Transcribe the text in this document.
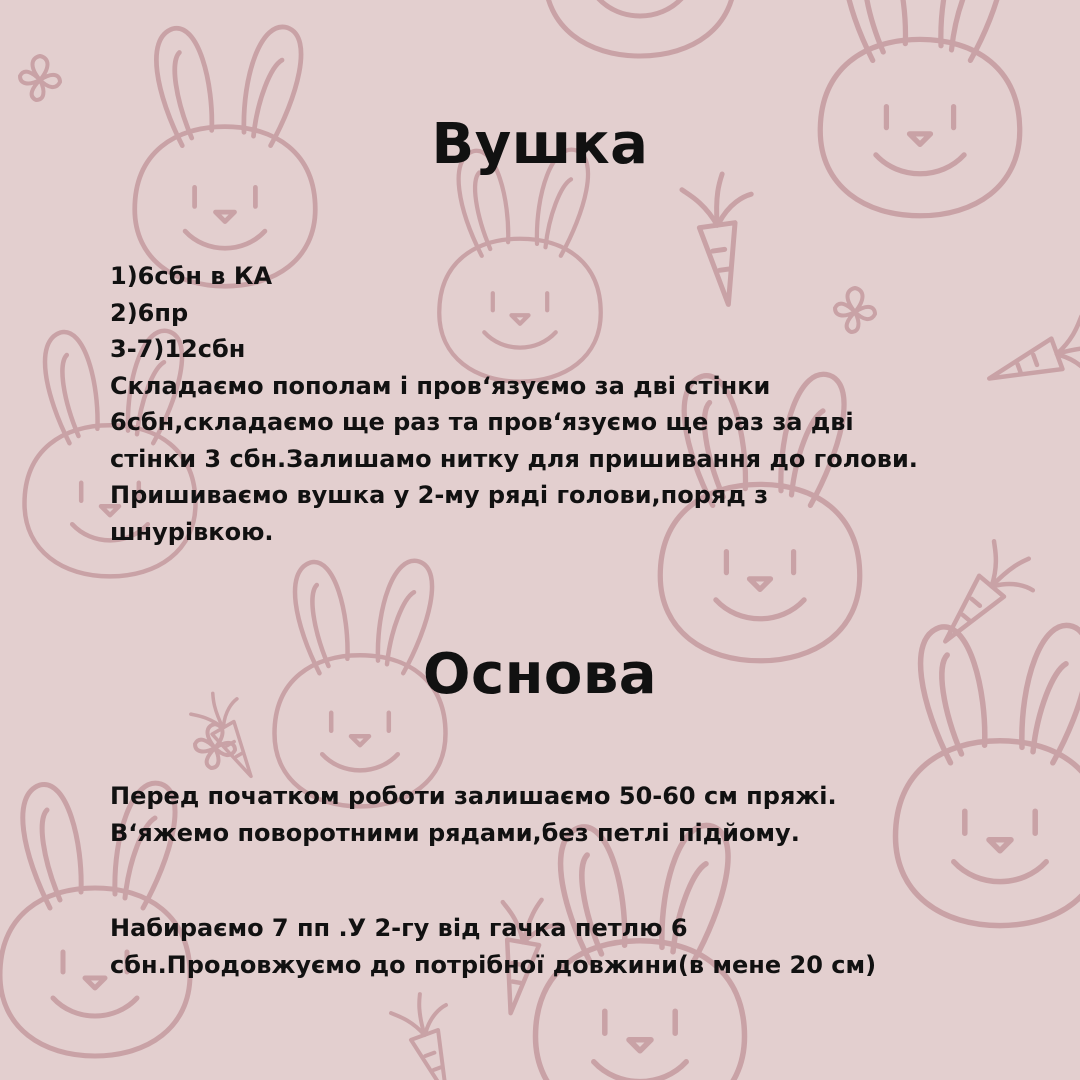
Вушка
1)6сбн в КА
2)6пр
3-7)12сбн
Складаємо пополам і пров‘язуємо за дві стінки
6сбн,складаємо ще раз та пров‘язуємо ще раз за дві
стінки 3 сбн.Залишамо нитку для пришивання до голови.
Пришиваємо вушка у 2-му ряді голови,поряд з
шнурівкою.
Основа
Перед початком роботи залишаємо 50-60 см пряжі.
В‘яжемо поворотними рядами,без петлі підйому.
Набираємо 7 пп .У 2-гу від гачка петлю 6
сбн.Продовжуємо до потрібної довжини(в мене 20 см)
